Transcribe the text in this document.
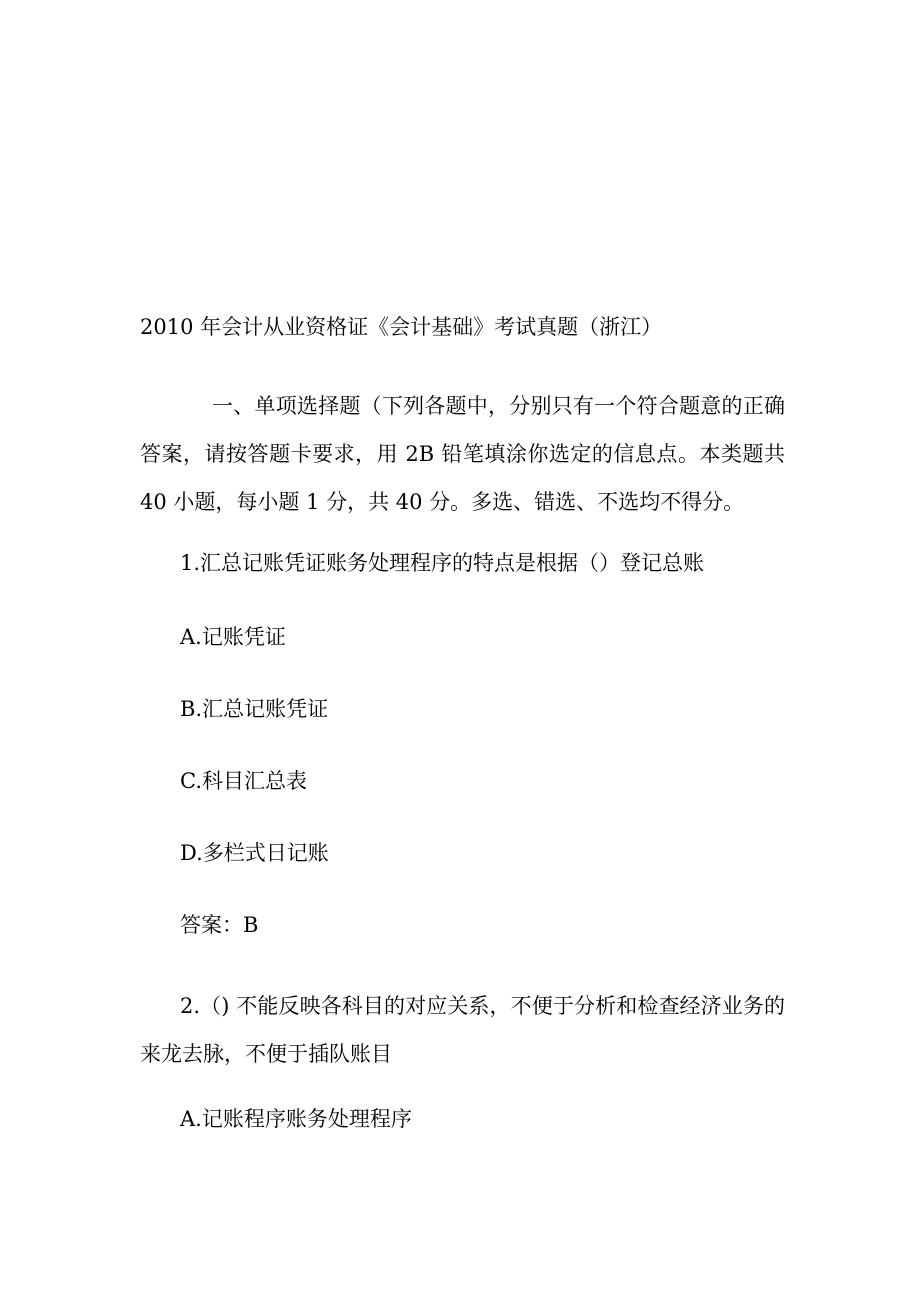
2010 年会计从业资格证《会计基础》考试真题（浙江）
一、单项选择题（下列各题中，分别只有一个符合题意的正确答案，请按答题卡要求，用 2B 铅笔填涂你选定的信息点。本类题共 40 小题，每小题 1 分，共 40 分。多选、错选、不选均不得分。
1.汇总记账凭证账务处理程序的特点是根据（）登记总账
A.记账凭证
B.汇总记账凭证
C.科目汇总表
D.多栏式日记账
答案：B
2.（) 不能反映各科目的对应关系，不便于分析和检查经济业务的来龙去脉，不便于插队账目
A.记账程序账务处理程序
